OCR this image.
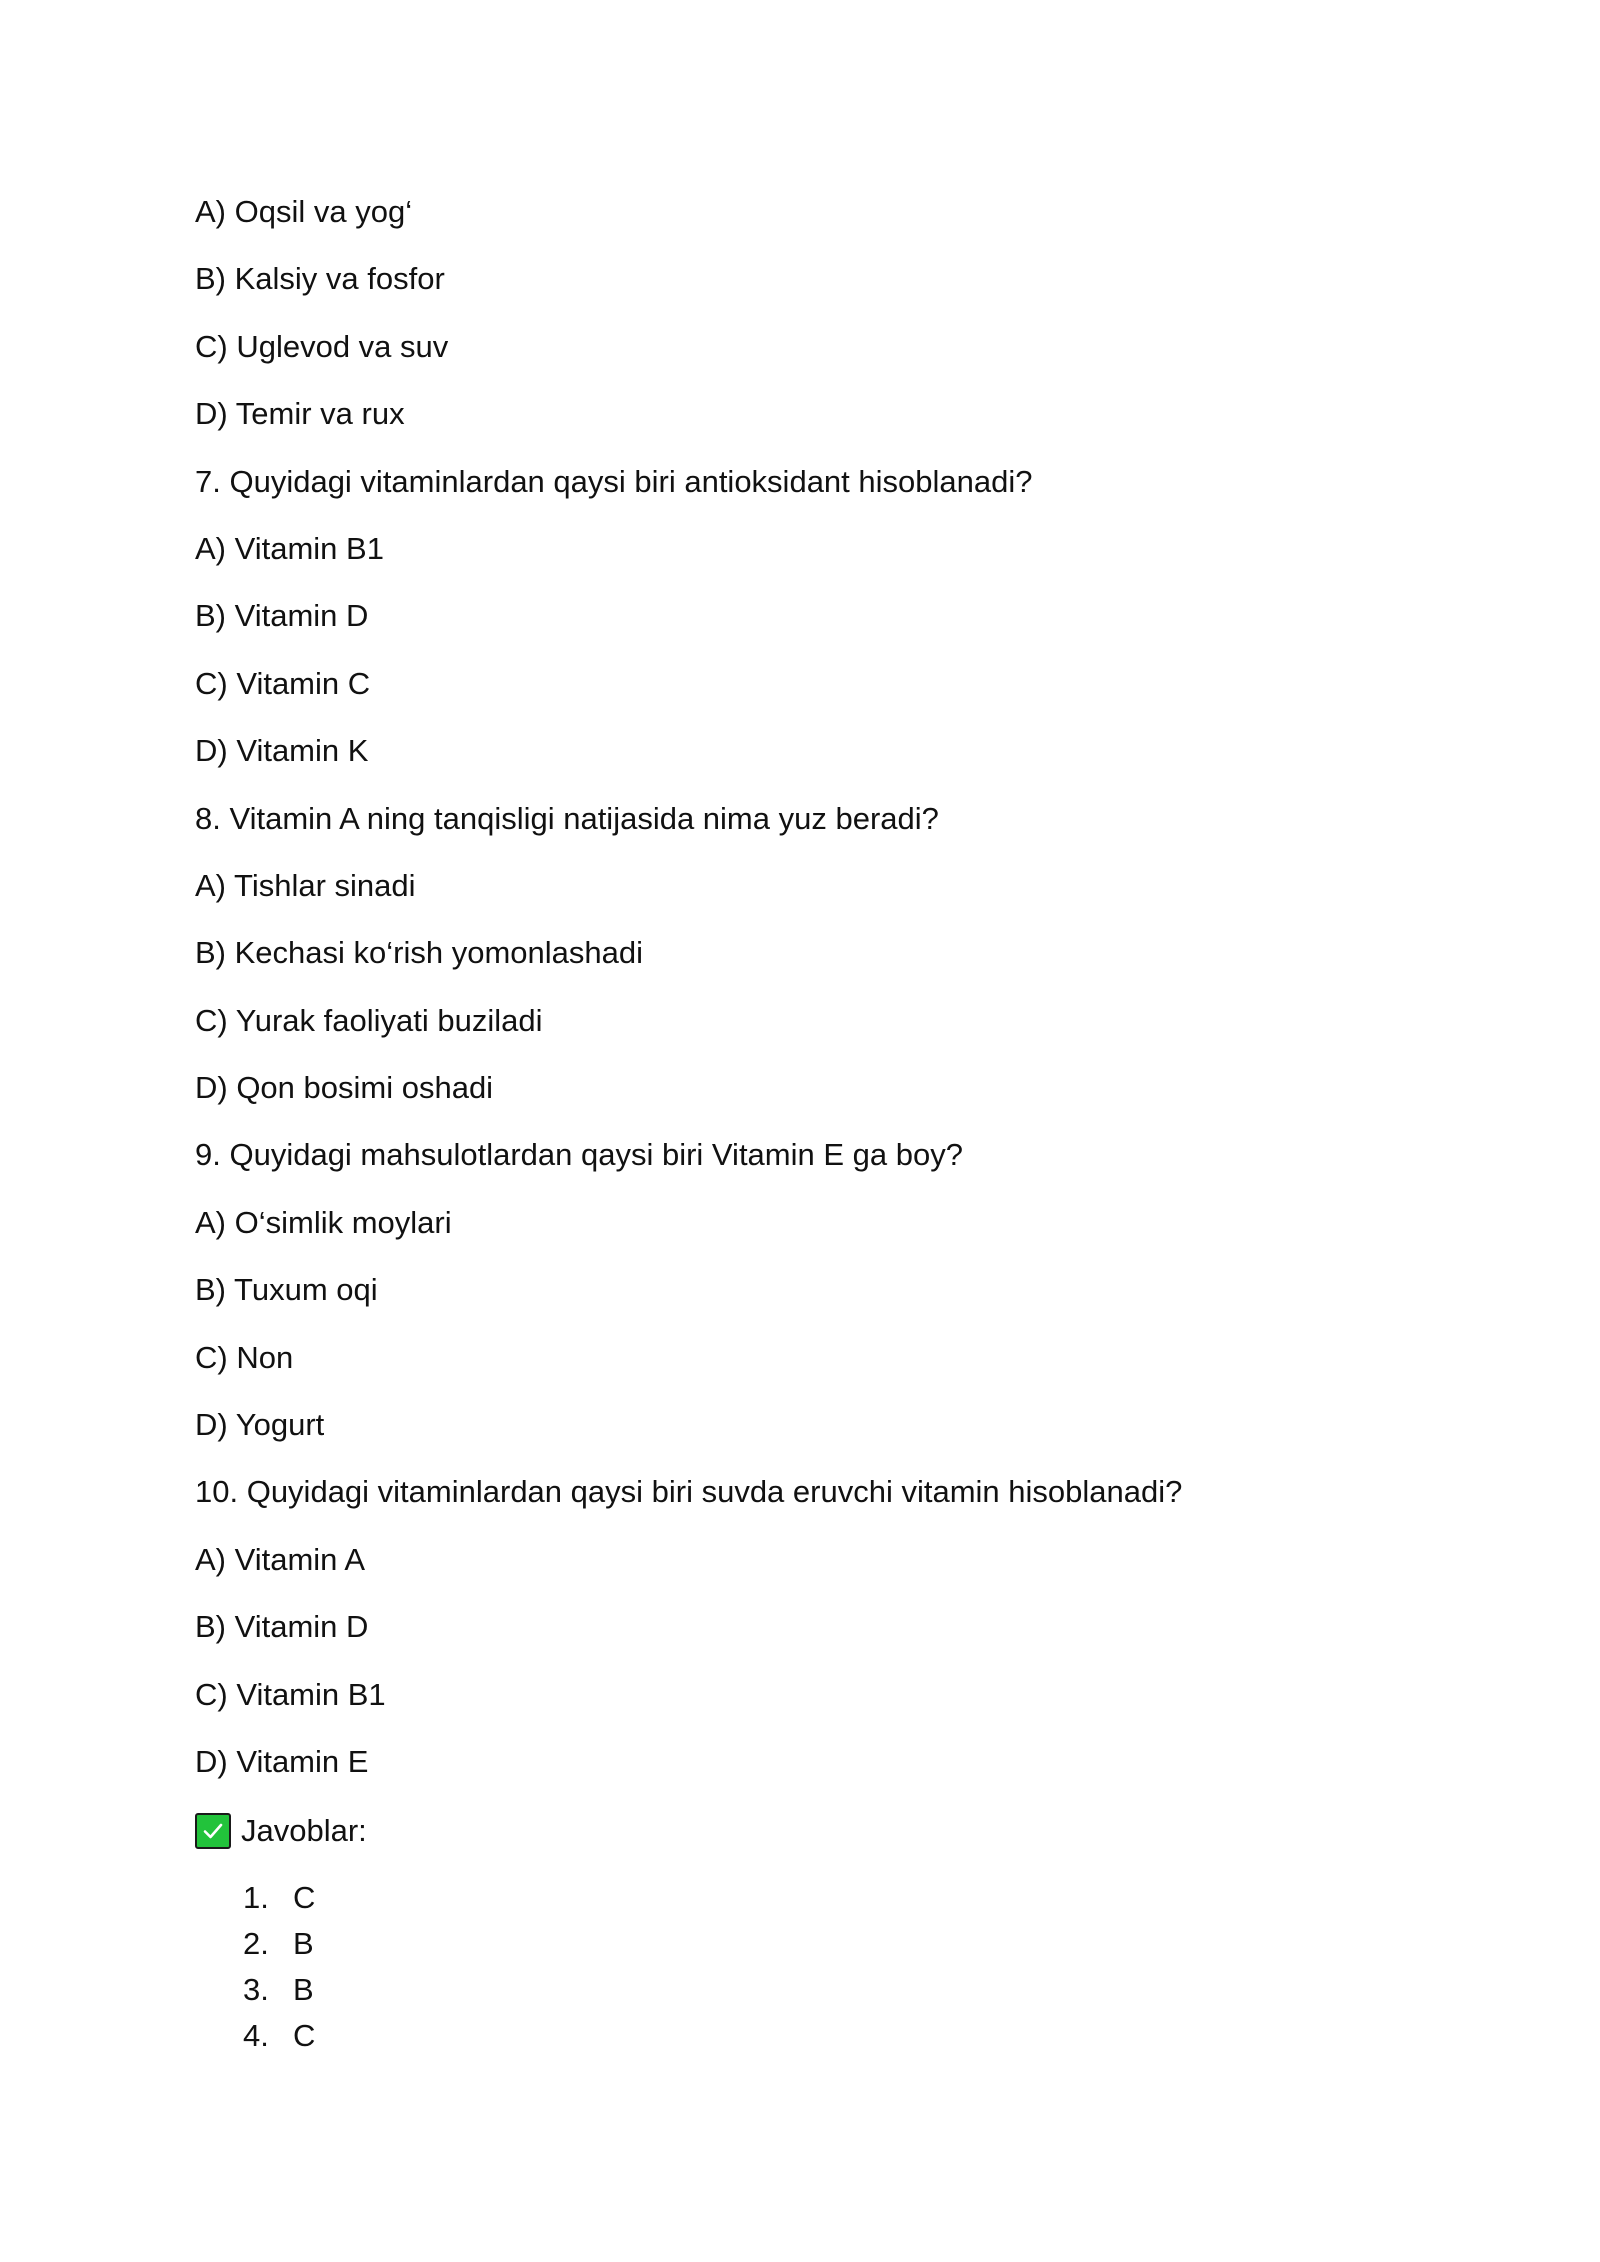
A) Oqsil va yog‘
B) Kalsiy va fosfor
C) Uglevod va suv
D) Temir va rux
7. Quyidagi vitaminlardan qaysi biri antioksidant hisoblanadi?
A) Vitamin B1
B) Vitamin D
C) Vitamin C
D) Vitamin K
8. Vitamin A ning tanqisligi natijasida nima yuz beradi?
A) Tishlar sinadi
B) Kechasi ko‘rish yomonlashadi
C) Yurak faoliyati buziladi
D) Qon bosimi oshadi
9. Quyidagi mahsulotlardan qaysi biri Vitamin E ga boy?
A) O‘simlik moylari
B) Tuxum oqi
C) Non
D) Yogurt
10. Quyidagi vitaminlardan qaysi biri suvda eruvchi vitamin hisoblanadi?
A) Vitamin A
B) Vitamin D
C) Vitamin B1
D) Vitamin E
Javoblar:
1. C
2. B
3. B
4. C
